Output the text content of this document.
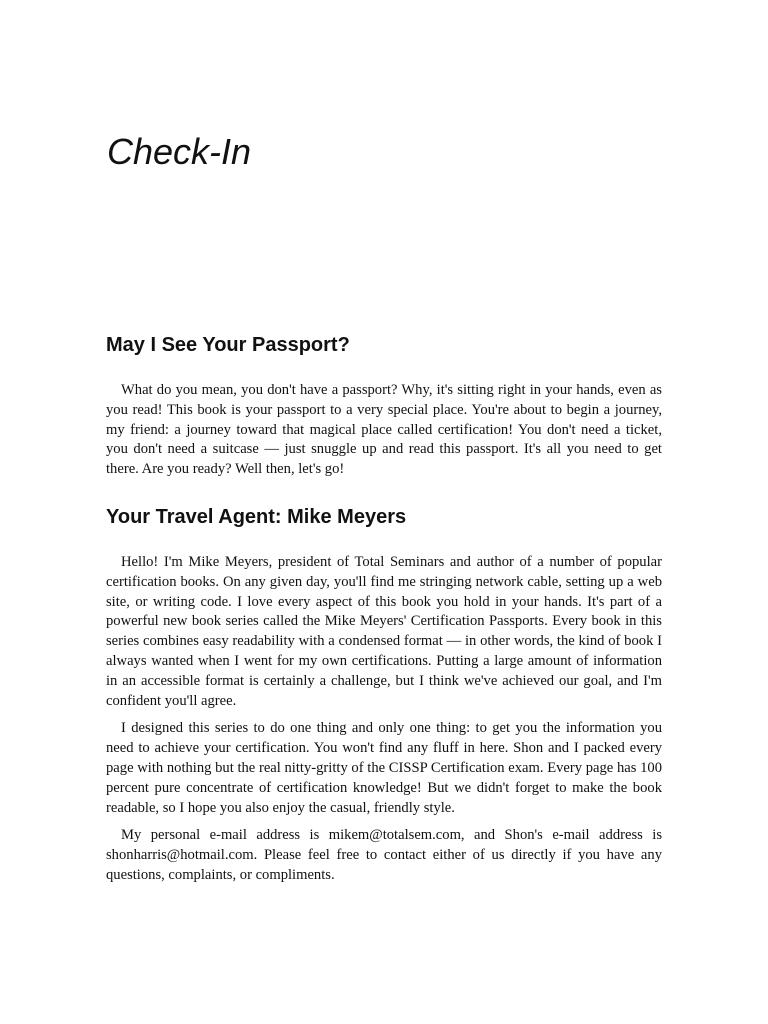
Check-In
May I See Your Passport?

What do you mean, you don't have a passport? Why, it's sitting right in your hands, even as you read! This book is your passport to a very special place. You're about to begin a journey, my friend: a journey toward that magical place called certification! You don't need a ticket, you don't need a suitcase — just snuggle up and read this passport. It's all you need to get there. Are you ready? Well then, let's go!

Your Travel Agent: Mike Meyers

Hello! I'm Mike Meyers, president of Total Seminars and author of a number of popular certification books. On any given day, you'll find me stringing network cable, setting up a web site, or writing code. I love every aspect of this book you hold in your hands. It's part of a powerful new book series called the Mike Meyers' Certification Passports. Every book in this series combines easy readability with a condensed format — in other words, the kind of book I always wanted when I went for my own certifications. Putting a large amount of information in an accessible format is certainly a challenge, but I think we've achieved our goal, and I'm confident you'll agree.

I designed this series to do one thing and only one thing: to get you the information you need to achieve your certification. You won't find any fluff in here. Shon and I packed every page with nothing but the real nitty-gritty of the CISSP Certification exam. Every page has 100 percent pure concentrate of certification knowledge! But we didn't forget to make the book readable, so I hope you also enjoy the casual, friendly style.

My personal e-mail address is mikem@totalsem.com, and Shon's e-mail address is shonharris@hotmail.com. Please feel free to contact either of us directly if you have any questions, complaints, or compliments.
